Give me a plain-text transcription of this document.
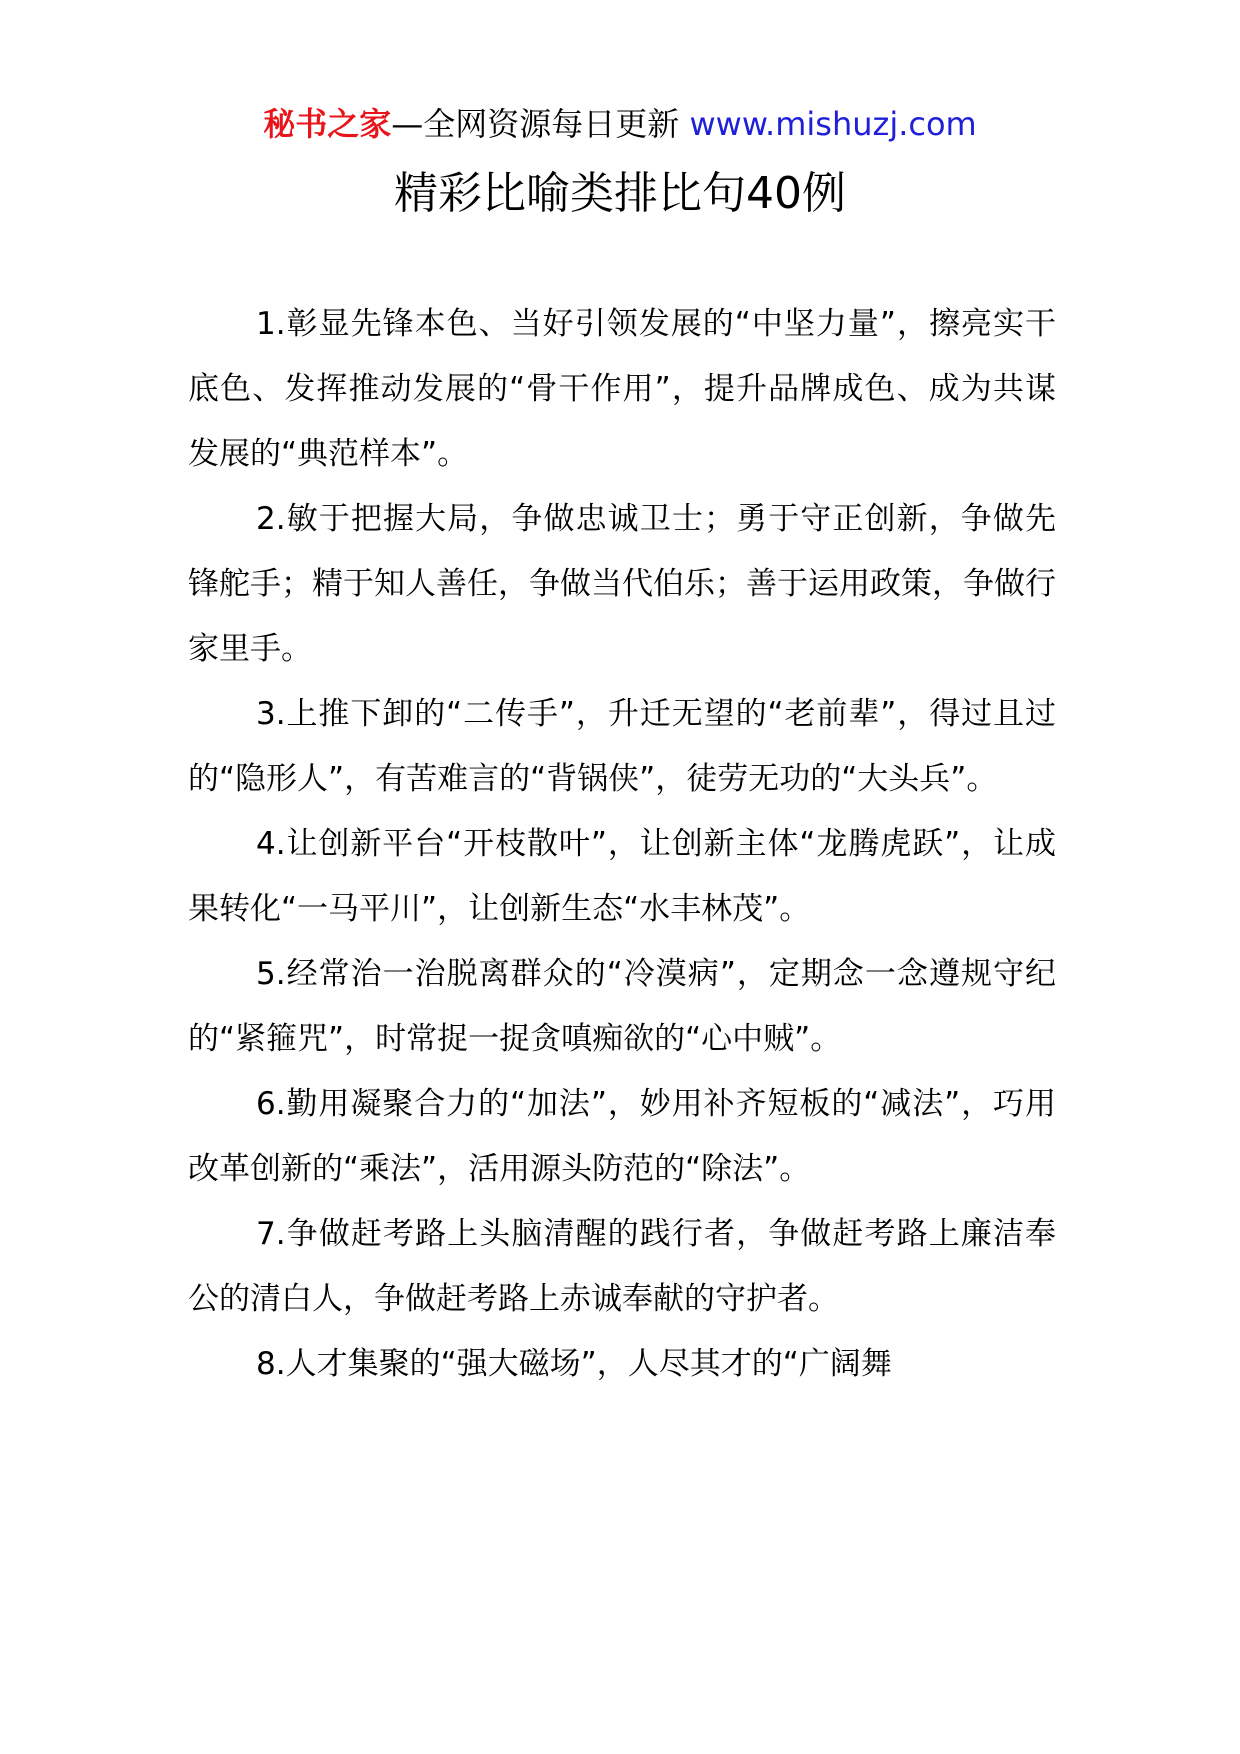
秘书之家—全网资源每日更新 www.mishuzj.com
精彩比喻类排比句40例

1.彰显先锋本色、当好引领发展的“中坚力量”，擦亮实干底色、发挥推动发展的“骨干作用”，提升品牌成色、成为共谋发展的“典范样本”。

2.敏于把握大局，争做忠诚卫士；勇于守正创新，争做先锋舵手；精于知人善任，争做当代伯乐；善于运用政策，争做行家里手。

3.上推下卸的“二传手”，升迁无望的“老前辈”，得过且过的“隐形人”，有苦难言的“背锅侠”，徒劳无功的“大头兵”。

4.让创新平台“开枝散叶”，让创新主体“龙腾虎跃”，让成果转化“一马平川”，让创新生态“水丰林茂”。

5.经常治一治脱离群众的“冷漠病”，定期念一念遵规守纪的“紧箍咒”，时常捉一捉贪嗔痴欲的“心中贼”。

6.勤用凝聚合力的“加法”，妙用补齐短板的“减法”，巧用改革创新的“乘法”，活用源头防范的“除法”。

7.争做赶考路上头脑清醒的践行者，争做赶考路上廉洁奉公的清白人，争做赶考路上赤诚奉献的守护者。

8.人才集聚的“强大磁场”，人尽其才的“广阔舞
